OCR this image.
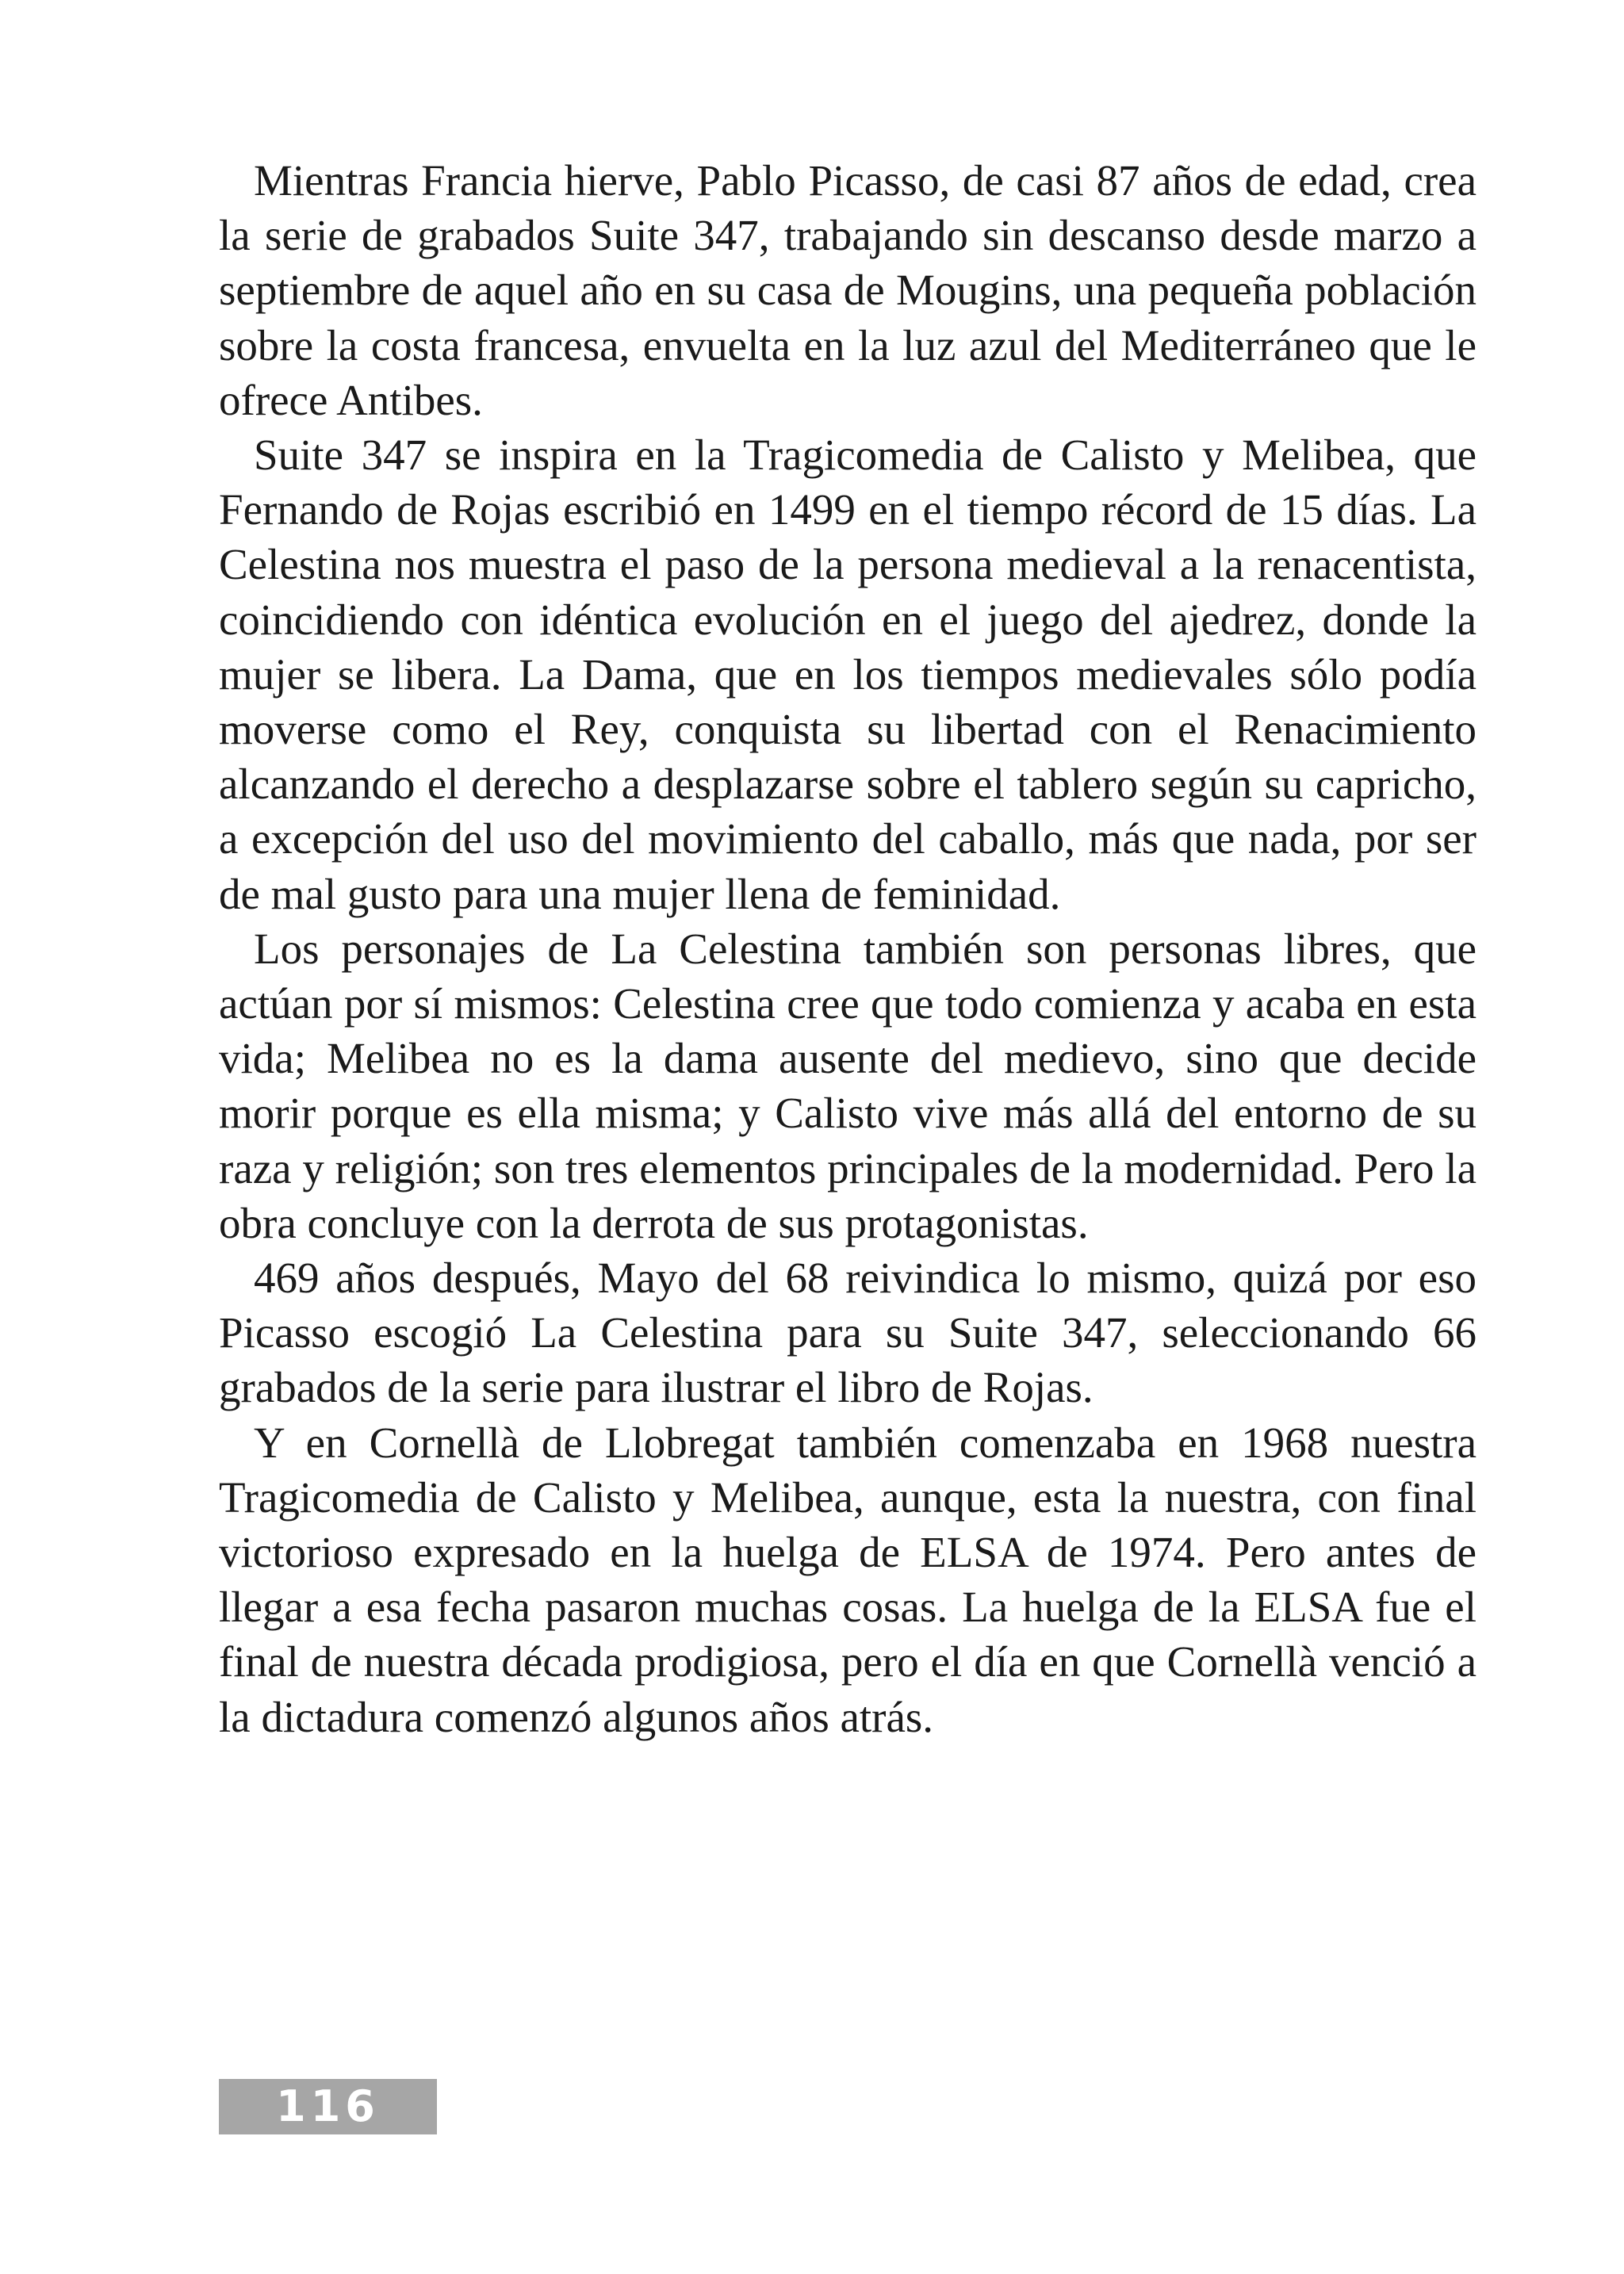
Mientras Francia hierve, Pablo Picasso, de casi 87 años de edad, crea la serie de grabados Suite 347, trabajando sin descanso desde marzo a septiembre de aquel año en su casa de Mougins, una pequeña población sobre la costa francesa, envuelta en la luz azul del Mediterráneo que le ofrece Antibes.

Suite 347 se inspira en la Tragicomedia de Calisto y Melibea, que Fernando de Rojas escribió en 1499 en el tiempo récord de 15 días. La Celestina nos muestra el paso de la persona medieval a la renacentista, coincidiendo con idéntica evolución en el juego del ajedrez, donde la mujer se libera. La Dama, que en los tiempos medievales sólo podía moverse como el Rey, conquista su libertad con el Renacimiento alcanzando el derecho a desplazarse sobre el tablero según su capricho, a excepción del uso del movimiento del caballo, más que nada, por ser de mal gusto para una mujer llena de feminidad.

Los personajes de La Celestina también son personas libres, que actúan por sí mismos: Celestina cree que todo comienza y acaba en esta vida; Melibea no es la dama ausente del medievo, sino que decide morir porque es ella misma; y Calisto vive más allá del entorno de su raza y religión; son tres elementos principales de la modernidad. Pero la obra concluye con la derrota de sus protagonistas.

469 años después, Mayo del 68 reivindica lo mismo, quizá por eso Picasso escogió La Celestina para su Suite 347, seleccionando 66 grabados de la serie para ilustrar el libro de Rojas.

Y en Cornellà de Llobregat también comenzaba en 1968 nuestra Tragicomedia de Calisto y Melibea, aunque, esta la nuestra, con final victorioso expresado en la huelga de ELSA de 1974. Pero antes de llegar a esa fecha pasaron muchas cosas. La huelga de la ELSA fue el final de nuestra década prodigiosa, pero el día en que Cornellà venció a la dictadura comenzó algunos años atrás.

116
